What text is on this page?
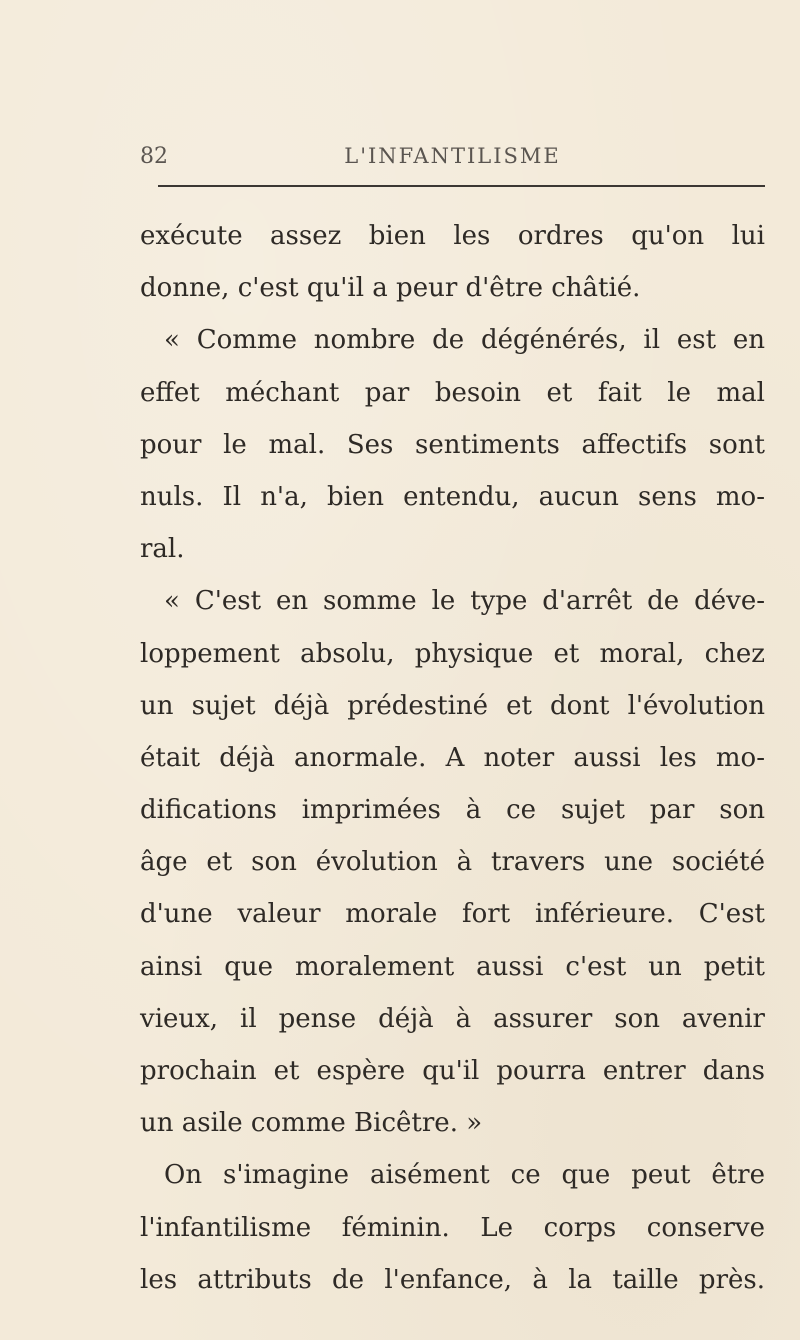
82	L'INFANTILISME
exécute assez bien les ordres qu'on lui
donne, c'est qu'il a peur d'être châtié.
« Comme nombre de dégénérés, il est en
effet méchant par besoin et fait le mal
pour le mal. Ses sentiments affectifs sont
nuls. Il n'a, bien entendu, aucun sens mo-
ral.
« C'est en somme le type d'arrêt de déve-
loppement absolu, physique et moral, chez
un sujet déjà prédestiné et dont l'évolution
était déjà anormale. A noter aussi les mo-
difications imprimées à ce sujet par son
âge et son évolution à travers une société
d'une valeur morale fort inférieure. C'est
ainsi que moralement aussi c'est un petit
vieux, il pense déjà à assurer son avenir
prochain et espère qu'il pourra entrer dans
un asile comme Bicêtre. »
On s'imagine aisément ce que peut être
l'infantilisme féminin. Le corps conserve
les attributs de l'enfance, à la taille près.
